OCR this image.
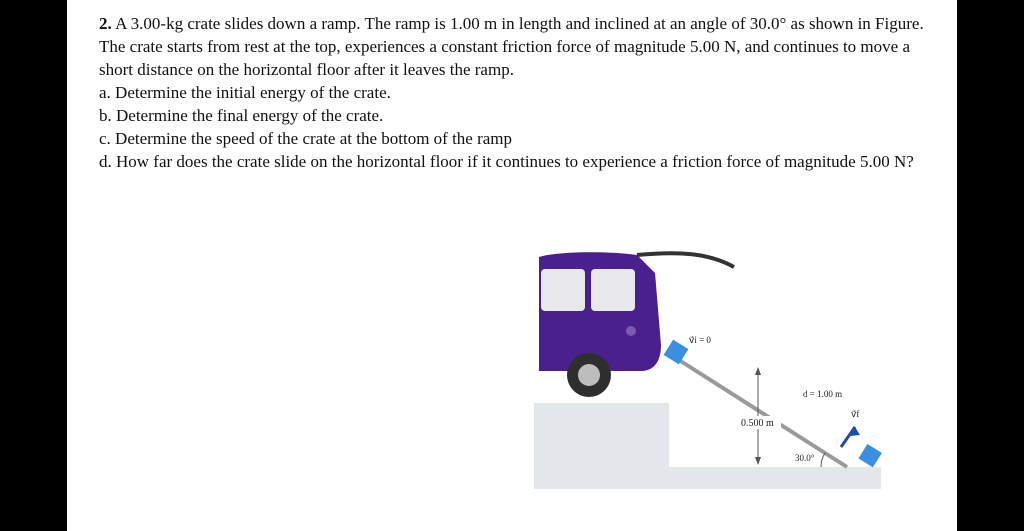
2. A 3.00-kg crate slides down a ramp. The ramp is 1.00 m in length and inclined at an angle of 30.0° as shown in Figure. The crate starts from rest at the top, experiences a constant friction force of magnitude 5.00 N, and continues to move a short distance on the horizontal floor after it leaves the ramp.

a. Determine the initial energy of the crate.

b. Determine the final energy of the crate.

c. Determine the speed of the crate at the bottom of the ramp

d. How far does the crate slide on the horizontal floor if it continues to experience a friction force of magnitude 5.00 N?

v⃗i = 0
d = 1.00 m
0.500 m
30.0°
v⃗f
